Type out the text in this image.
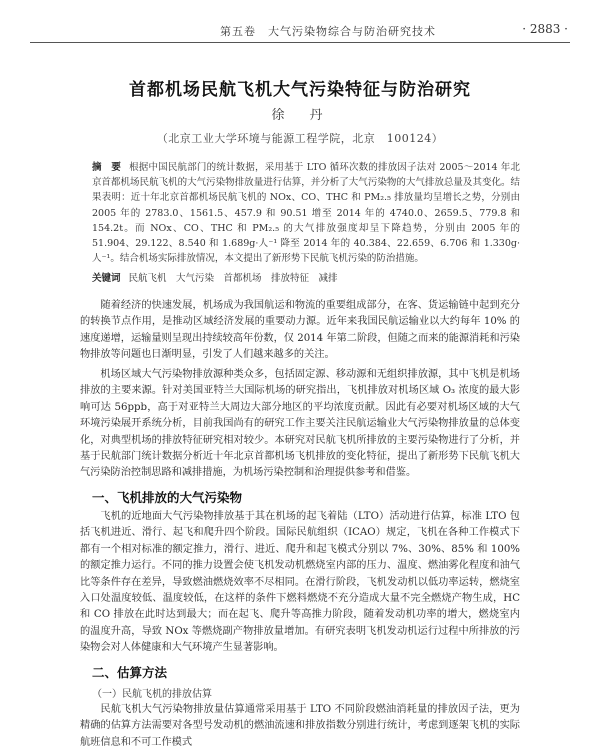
第五卷　大气污染物综合与防治研究技术	· 2883 ·
首都机场民航飞机大气污染特征与防治研究
徐　丹
（北京工业大学环境与能源工程学院，北京　100124）

摘　要 根据中国民航部门的统计数据，采用基于 LTO 循环次数的排放因子法对 2005～2014 年北京首都机场民航飞机的大气污染物排放量进行估算，并分析了大气污染物的大气排放总量及其变化。结果表明：近十年北京首都机场民航飞机的 NOx、CO、THC 和 PM₂.₅ 排放量均呈增长之势，分别由 2005 年的 2783.0、1561.5、457.9 和 90.51 增至 2014 年的 4740.0、2659.5、779.8 和 154.2t。而 NOx、CO、THC 和 PM₂.₅ 的大气排放强度却呈下降趋势，分别由 2005 年的 51.904、29.122、8.540 和 1.689g·人⁻¹ 降至 2014 年的 40.384、22.659、6.706 和 1.330g·人⁻¹。结合机场实际排放情况，本文提出了新形势下民航飞机污染的防治措施。

关键词 民航飞机　大气污染　首都机场　排放特征　减排

随着经济的快速发展，机场成为我国航运和物流的重要组成部分，在客、货运输链中起到充分的转换节点作用，是推动区域经济发展的重要动力源。近年来我国民航运输业以大约每年 10% 的速度递增，运输量则呈现出持续较高年份数，仅 2014 年第二阶段，但随之而来的能源消耗和污染物排放等问题也日渐明显，引发了人们越来越多的关注。

机场区域大气污染物排放源种类众多，包括固定源、移动源和无组织排放源，其中飞机是机场排放的主要来源。针对美国亚特兰大国际机场的研究指出，飞机排放对机场区域 O₃ 浓度的最大影响可达 56ppb，高于对亚特兰大周边大部分地区的平均浓度贡献。因此有必要对机场区域的大气环境污染展开系统分析，目前我国尚有的研究工作主要关注民航运输业大气污染物排放量的总体变化，对典型机场的排放特征研究相对较少。本研究对民航飞机所排放的主要污染物进行了分析，并基于民航部门统计数据分析近十年北京首都机场飞机排放的变化特征，提出了新形势下民航飞机大气污染防治控制思路和减排措施，为机场污染控制和治理提供参考和借鉴。

一、飞机排放的大气污染物

飞机的近地面大气污染物排放基于其在机场的起飞着陆（LTO）活动进行估算，标准 LTO 包括飞机进近、滑行、起飞和爬升四个阶段。国际民航组织（ICAO）规定，飞机在各种工作模式下都有一个相对标准的额定推力，滑行、进近、爬升和起飞模式分别以 7%、30%、85% 和 100% 的额定推力运行。不同的推力设置会使飞机发动机燃烧室内部的压力、温度、燃油雾化程度和油气比等条件存在差异，导致燃油燃烧效率不尽相同。在滑行阶段，飞机发动机以低功率运转，燃烧室入口处温度较低、温度较低，在这样的条件下燃料燃烧不充分造成大量不完全燃烧产物生成，HC 和 CO 排放在此时达到最大；而在起飞、爬升等高推力阶段，随着发动机功率的增大，燃烧室内的温度升高，导致 NOx 等燃烧副产物排放量增加。有研究表明飞机发动机运行过程中所排放的污染物会对人体健康和大气环境产生显著影响。

二、估算方法

（一）民航飞机的排放估算

民航飞机大气污染物排放量估算通常采用基于 LTO 不同阶段燃油消耗量的排放因子法，更为精确的估算方法需要对各型号发动机的燃油流速和排放指数分别进行统计，考虑到逐架飞机的实际航班信息和不可工作模式
